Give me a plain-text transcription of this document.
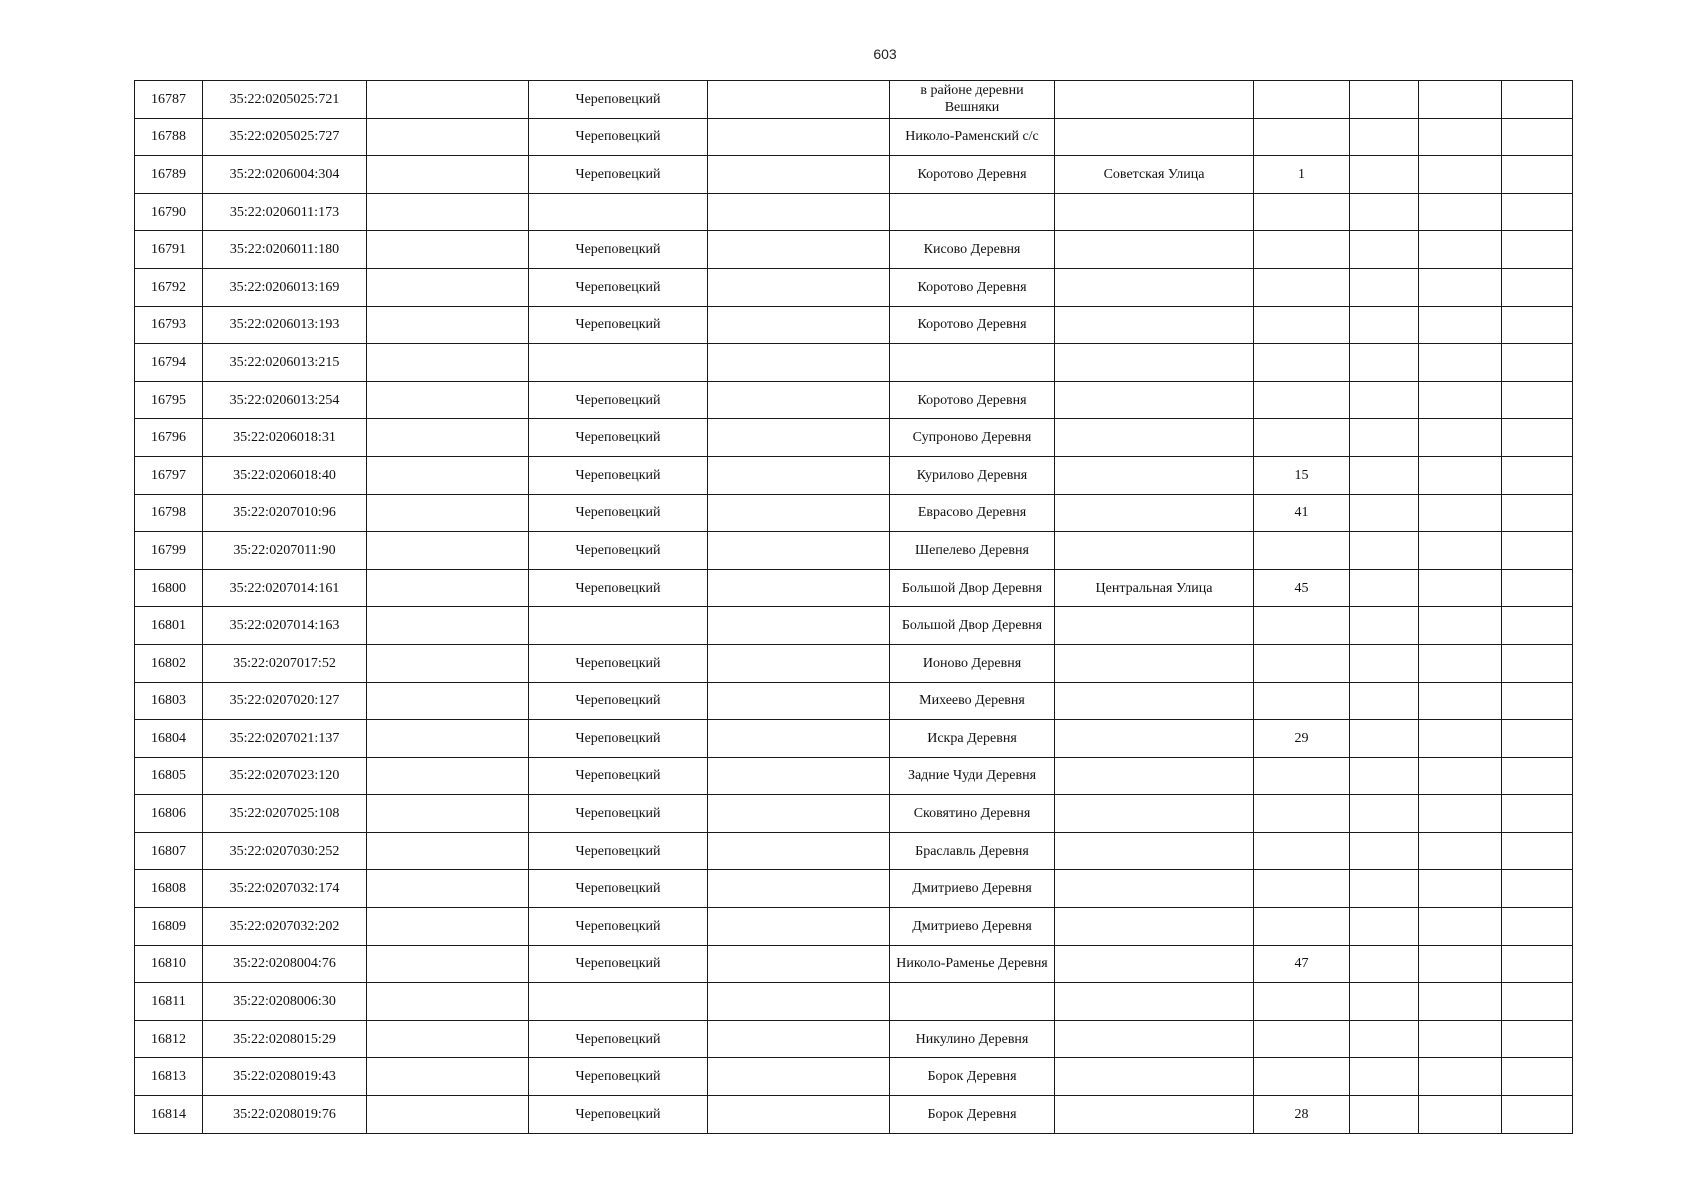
603
16787	35:22:0205025:721		Череповецкий		в районе деревни Вешняки					
16788	35:22:0205025:727		Череповецкий		Николо-Раменский с/с					
16789	35:22:0206004:304		Череповецкий		Коротово Деревня	Советская Улица	1			
16790	35:22:0206011:173									
16791	35:22:0206011:180		Череповецкий		Кисово Деревня					
16792	35:22:0206013:169		Череповецкий		Коротово Деревня					
16793	35:22:0206013:193		Череповецкий		Коротово Деревня					
16794	35:22:0206013:215									
16795	35:22:0206013:254		Череповецкий		Коротово Деревня					
16796	35:22:0206018:31		Череповецкий		Супроново Деревня					
16797	35:22:0206018:40		Череповецкий		Курилово Деревня		15			
16798	35:22:0207010:96		Череповецкий		Еврасово Деревня		41			
16799	35:22:0207011:90		Череповецкий		Шепелево Деревня					
16800	35:22:0207014:161		Череповецкий		Большой Двор Деревня	Центральная Улица	45			
16801	35:22:0207014:163				Большой Двор Деревня					
16802	35:22:0207017:52		Череповецкий		Ионово Деревня					
16803	35:22:0207020:127		Череповецкий		Михеево Деревня					
16804	35:22:0207021:137		Череповецкий		Искра Деревня		29			
16805	35:22:0207023:120		Череповецкий		Задние Чуди Деревня					
16806	35:22:0207025:108		Череповецкий		Сковятино Деревня					
16807	35:22:0207030:252		Череповецкий		Браславль Деревня					
16808	35:22:0207032:174		Череповецкий		Дмитриево Деревня					
16809	35:22:0207032:202		Череповецкий		Дмитриево Деревня					
16810	35:22:0208004:76		Череповецкий		Николо-Раменье Деревня		47			
16811	35:22:0208006:30									
16812	35:22:0208015:29		Череповецкий		Никулино Деревня					
16813	35:22:0208019:43		Череповецкий		Борок Деревня					
16814	35:22:0208019:76		Череповецкий		Борок Деревня		28			
